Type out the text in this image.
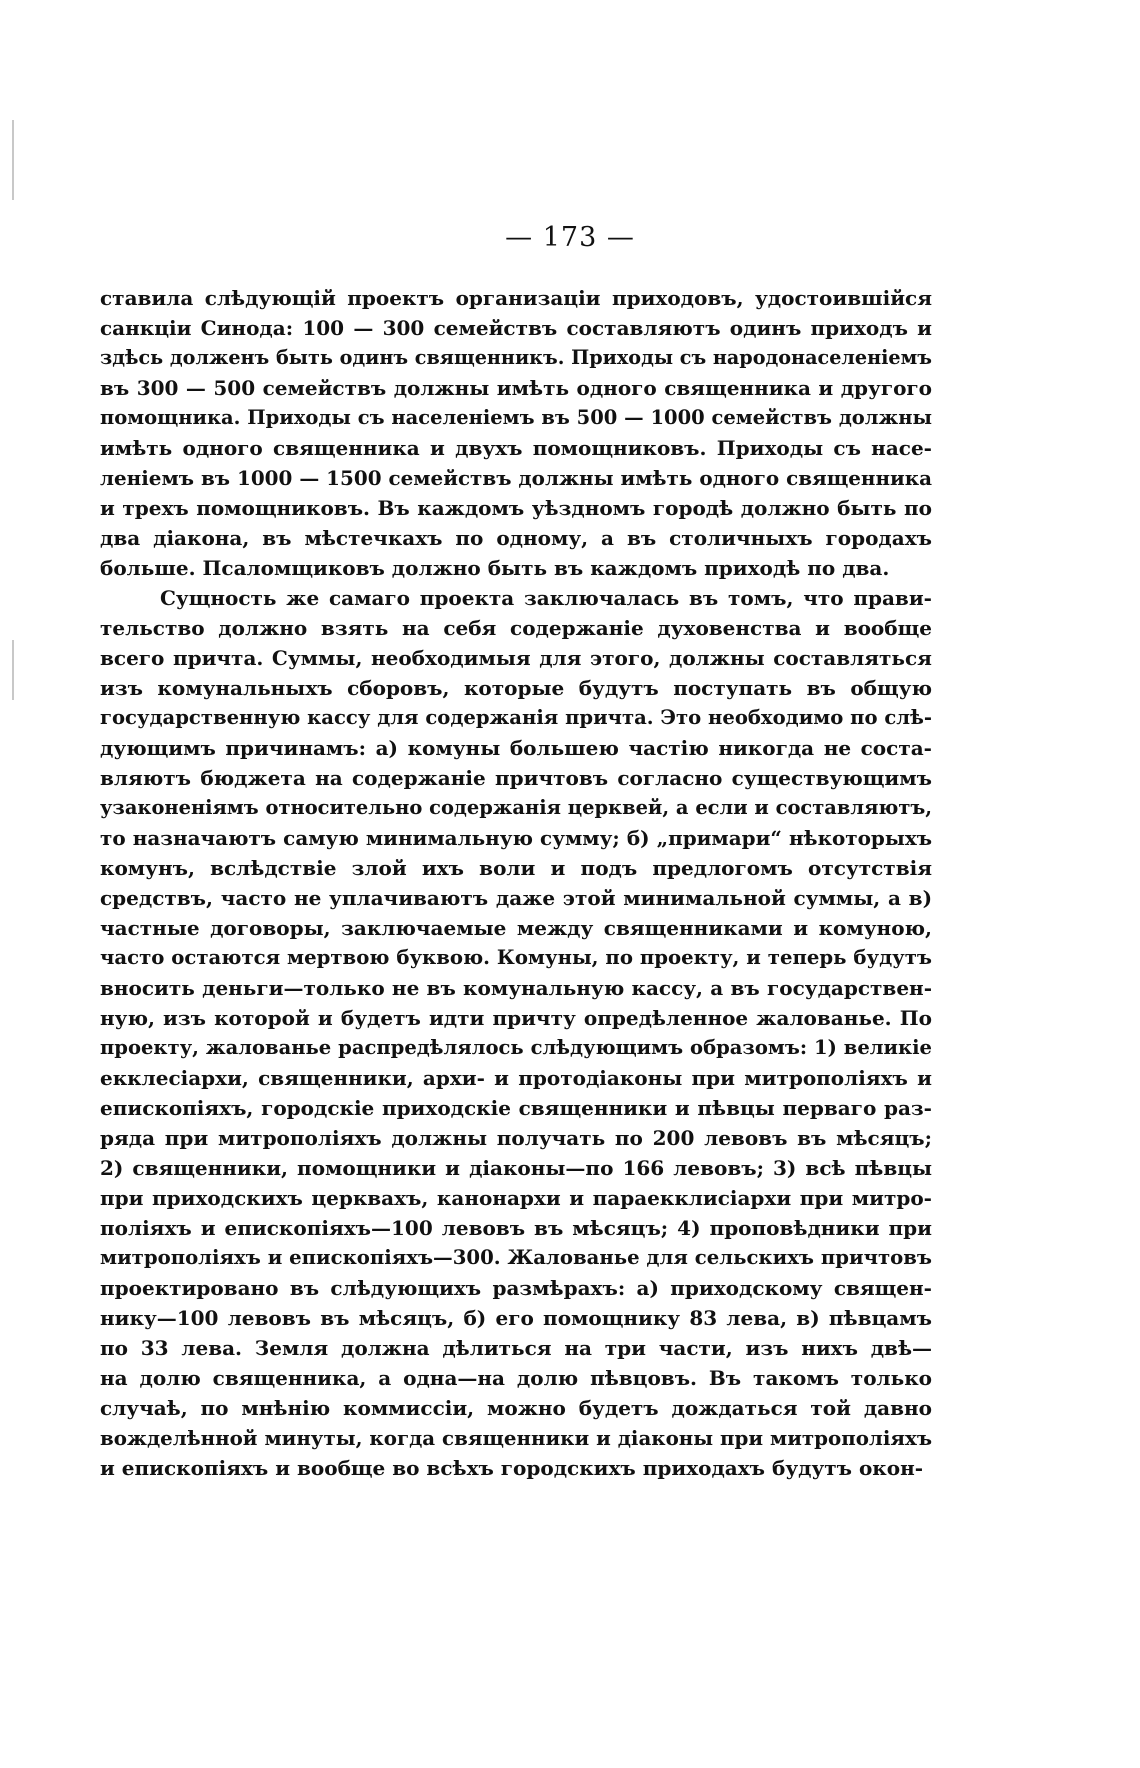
— 173 —
ставила слѣдующій проектъ организаціи приходовъ, удостоившійся
санкціи Синода: 100 — 300 семействъ составляютъ одинъ приходъ и
здѣсь долженъ быть одинъ священникъ. Приходы съ народонаселеніемъ
въ 300 — 500 семействъ должны имѣть одного священника и другого
помощника. Приходы съ населеніемъ въ 500 — 1000 семействъ должны
имѣть одного священника и двухъ помощниковъ. Приходы съ насе-
леніемъ въ 1000 — 1500 семействъ должны имѣть одного священника
и трехъ помощниковъ. Въ каждомъ уѣздномъ городѣ должно быть по
два діакона, въ мѣстечкахъ по одному, а въ столичныхъ городахъ
больше. Псаломщиковъ должно быть въ каждомъ приходѣ по два.
Сущность же самаго проекта заключалась въ томъ, что прави-
тельство должно взять на себя содержаніе духовенства и вообще
всего причта. Суммы, необходимыя для этого, должны составляться
изъ комунальныхъ сборовъ, которые будутъ поступать въ общую
государственную кассу для содержанія причта. Это необходимо по слѣ-
дующимъ причинамъ: а) комуны большею частію никогда не соста-
вляютъ бюджета на содержаніе причтовъ согласно существующимъ
узаконеніямъ относительно содержанія церквей, а если и составляютъ,
то назначаютъ самую минимальную сумму; б) „примари“ нѣкоторыхъ
комунъ, вслѣдствіе злой ихъ воли и подъ предлогомъ отсутствія
средствъ, часто не уплачиваютъ даже этой минимальной суммы, а в)
частные договоры, заключаемые между священниками и комуною,
часто остаются мертвою буквою. Комуны, по проекту, и теперь будутъ
вносить деньги—только не въ комунальную кассу, а въ государствен-
ную, изъ которой и будетъ идти причту опредѣленное жалованье. По
проекту, жалованье распредѣлялось слѣдующимъ образомъ: 1) великіе
екклесіархи, священники, архи- и протодіаконы при митрополіяхъ и
епископіяхъ, городскіе приходскіе священники и пѣвцы перваго раз-
ряда при митрополіяхъ должны получать по 200 левовъ въ мѣсяцъ;
2) священники, помощники и діаконы—по 166 левовъ; 3) всѣ пѣвцы
при приходскихъ церквахъ, канонархи и параекклисіархи при митро-
поліяхъ и епископіяхъ—100 левовъ въ мѣсяцъ; 4) проповѣдники при
митрополіяхъ и епископіяхъ—300. Жалованье для сельскихъ причтовъ
проектировано въ слѣдующихъ размѣрахъ: а) приходскому священ-
нику—100 левовъ въ мѣсяцъ, б) его помощнику 83 лева, в) пѣвцамъ
по 33 лева. Земля должна дѣлиться на три части, изъ нихъ двѣ—
на долю священника, а одна—на долю пѣвцовъ. Въ такомъ только
случаѣ, по мнѣнію коммиссіи, можно будетъ дождаться той давно
вожделѣнной минуты, когда священники и діаконы при митрополіяхъ
и епископіяхъ и вообще во всѣхъ городскихъ приходахъ будутъ окон-
